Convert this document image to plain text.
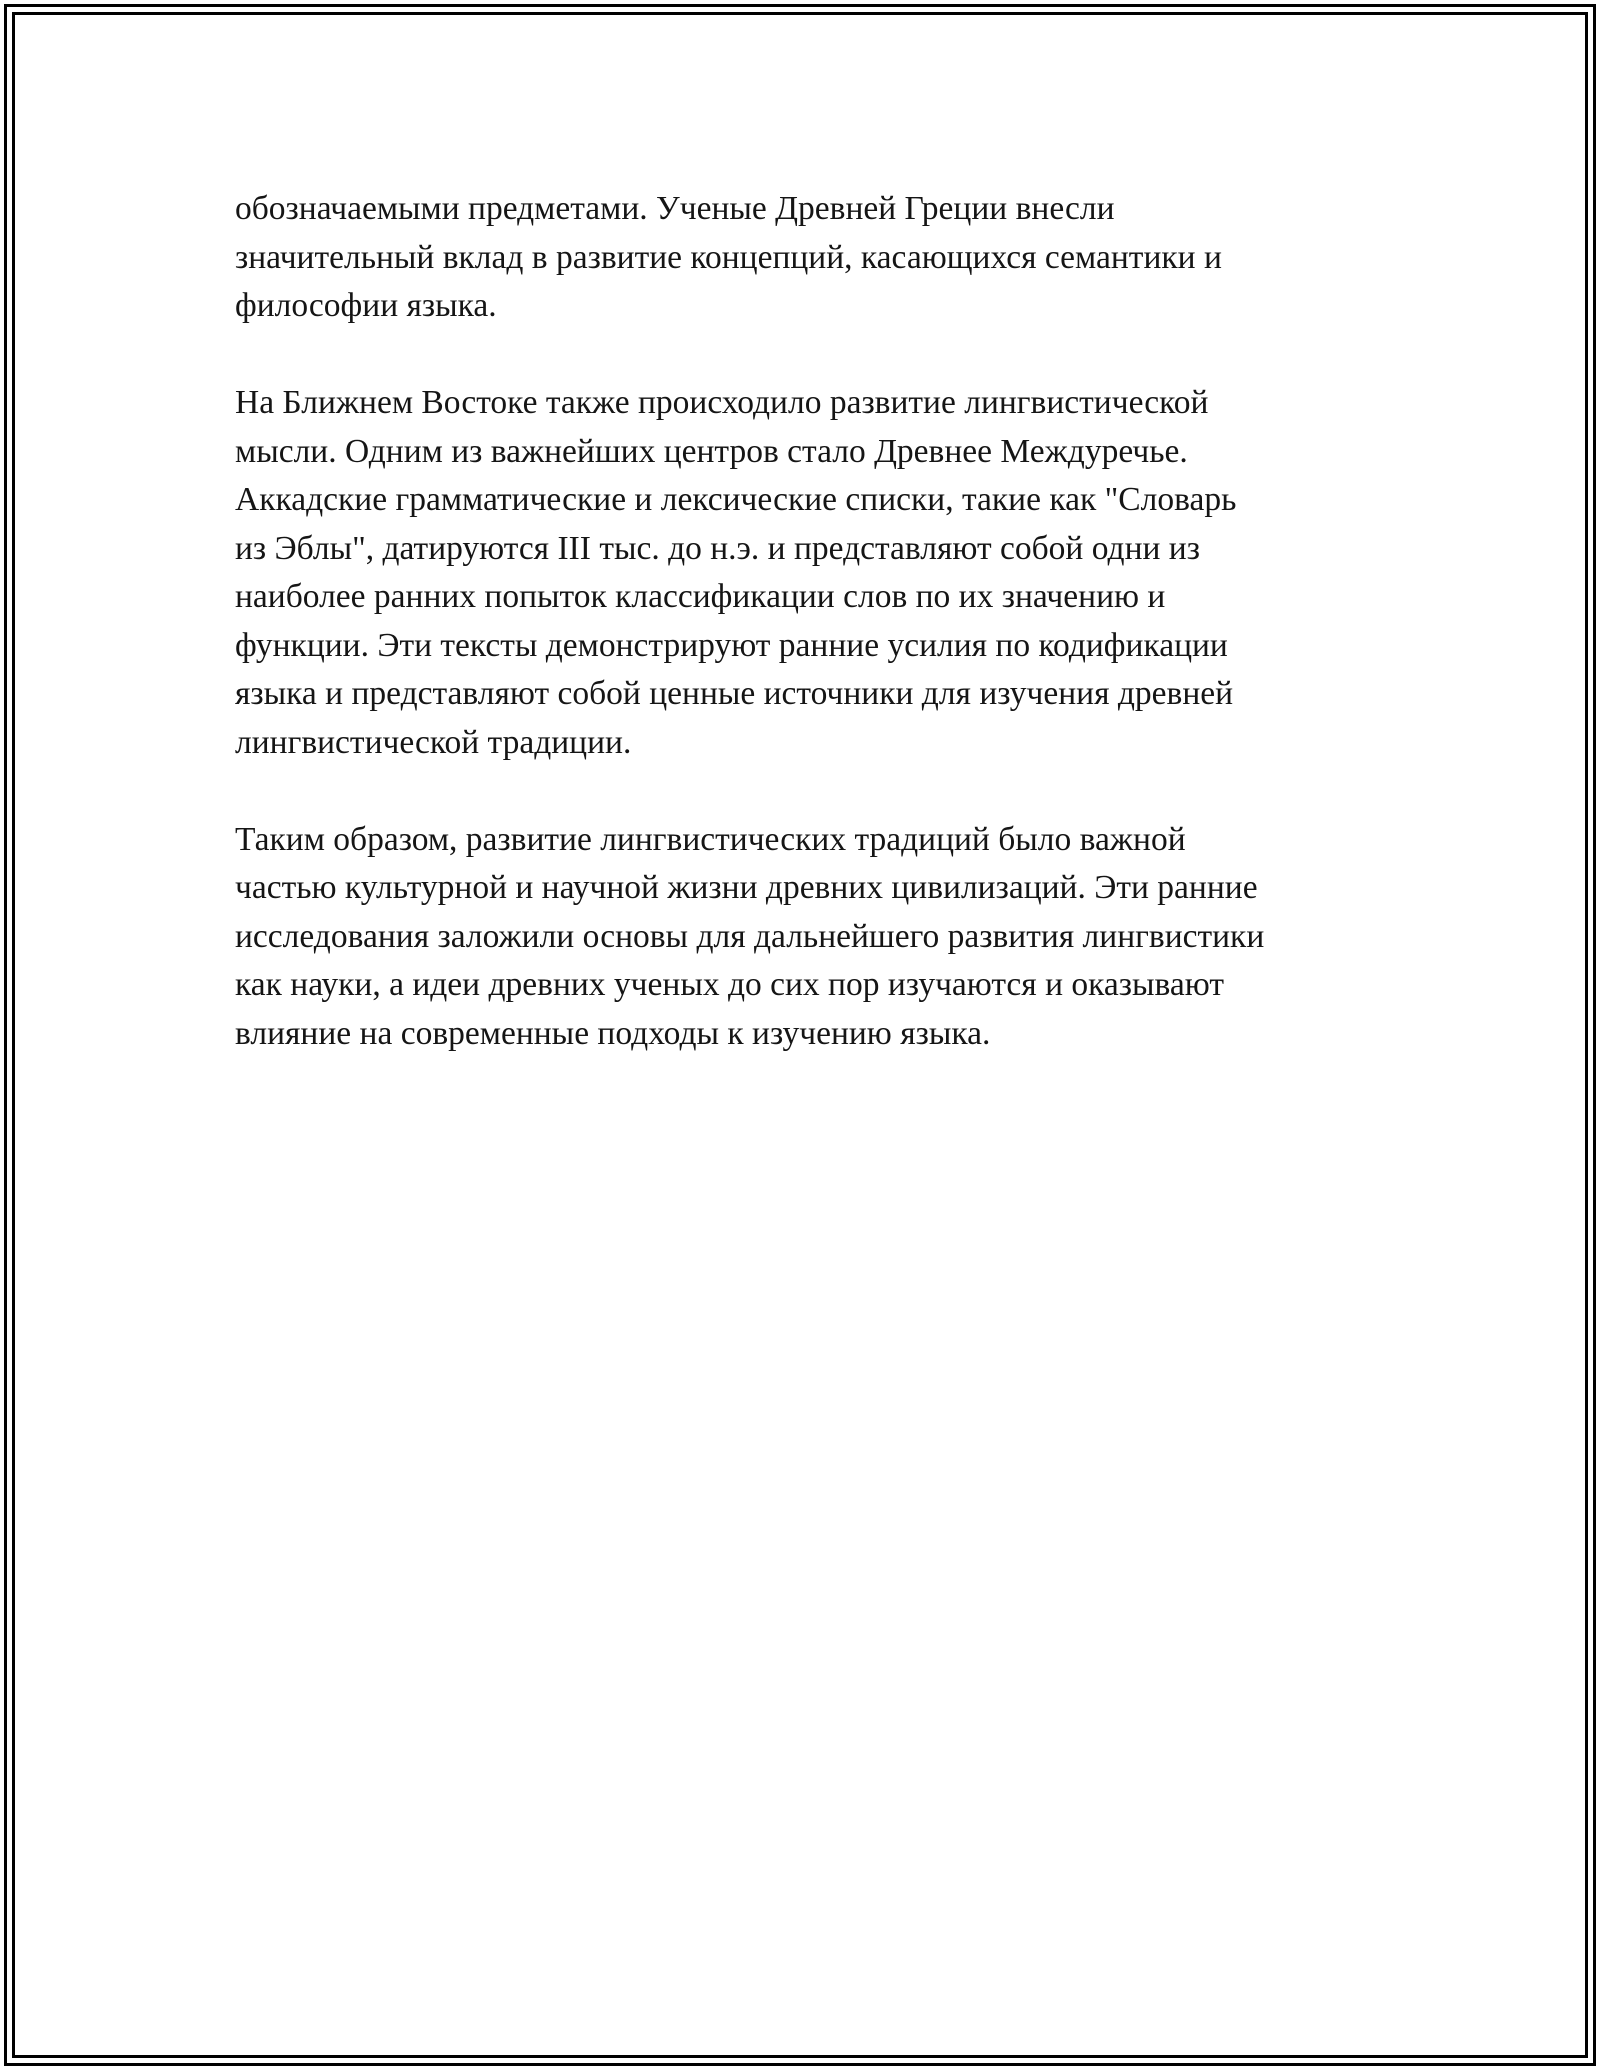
обозначаемыми предметами. Ученые Древней Греции внесли
значительный вклад в развитие концепций, касающихся семантики и
философии языка.

На Ближнем Востоке также происходило развитие лингвистической
мысли. Одним из важнейших центров стало Древнее Междуречье.
Аккадские грамматические и лексические списки, такие как "Словарь
из Эблы", датируются III тыс. до н.э. и представляют собой одни из
наиболее ранних попыток классификации слов по их значению и
функции. Эти тексты демонстрируют ранние усилия по кодификации
языка и представляют собой ценные источники для изучения древней
лингвистической традиции.

Таким образом, развитие лингвистических традиций было важной
частью культурной и научной жизни древних цивилизаций. Эти ранние
исследования заложили основы для дальнейшего развития лингвистики
как науки, а идеи древних ученых до сих пор изучаются и оказывают
влияние на современные подходы к изучению языка.
